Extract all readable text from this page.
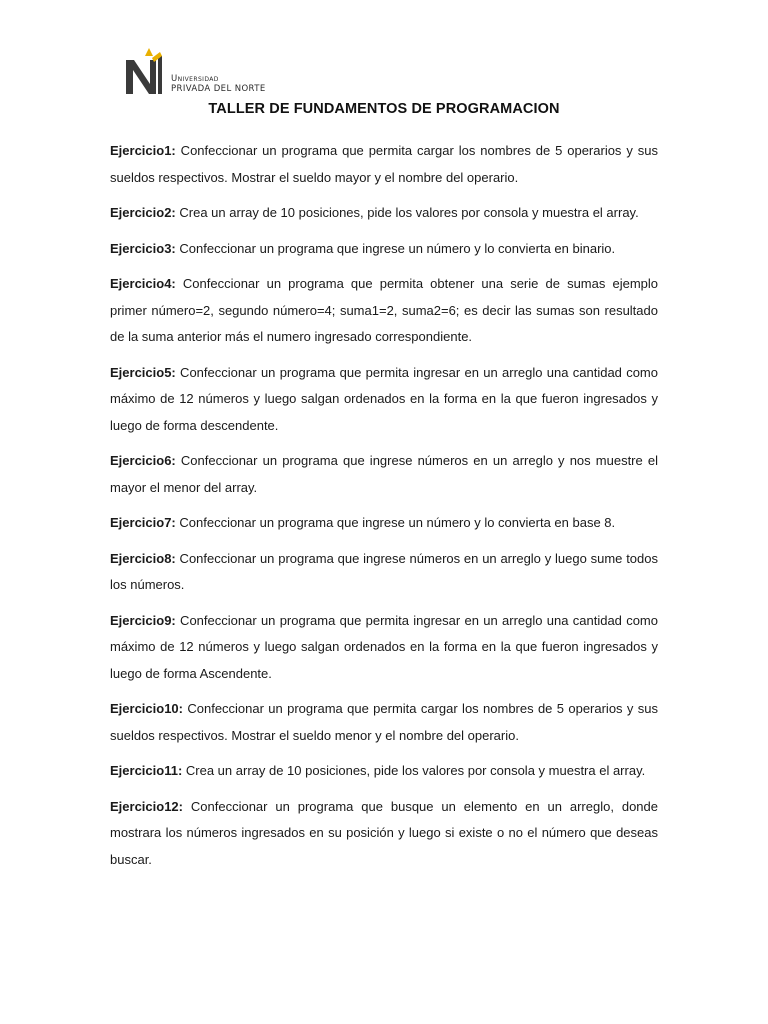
Universidad
PRIVADA DEL NORTE
TALLER DE FUNDAMENTOS DE PROGRAMACION

Ejercicio1: Confeccionar un programa que permita cargar los nombres de 5 operarios y sus sueldos respectivos. Mostrar el sueldo mayor y el nombre del operario.

Ejercicio2: Crea un array de 10 posiciones, pide los valores por consola y muestra el array.

Ejercicio3: Confeccionar un programa que ingrese un número y lo convierta en binario.

Ejercicio4: Confeccionar un programa que permita obtener una serie de sumas ejemplo primer número=2, segundo número=4; suma1=2, suma2=6; es decir las sumas son resultado de la suma anterior más el numero ingresado correspondiente.

Ejercicio5: Confeccionar un programa que permita ingresar en un arreglo una cantidad como máximo de 12 números y luego salgan ordenados en la forma en la que fueron ingresados y luego de forma descendente.

Ejercicio6: Confeccionar un programa que ingrese números en un arreglo y nos muestre el mayor el menor del array.

Ejercicio7: Confeccionar un programa que ingrese un número y lo convierta en base 8.

Ejercicio8: Confeccionar un programa que ingrese números en un arreglo y luego sume todos los números.

Ejercicio9: Confeccionar un programa que permita ingresar en un arreglo una cantidad como máximo de 12 números y luego salgan ordenados en la forma en la que fueron ingresados y luego de forma Ascendente.

Ejercicio10: Confeccionar un programa que permita cargar los nombres de 5 operarios y sus sueldos respectivos. Mostrar el sueldo menor y el nombre del operario.

Ejercicio11: Crea un array de 10 posiciones, pide los valores por consola y muestra el array.

Ejercicio12: Confeccionar un programa que busque un elemento en un arreglo, donde mostrara los números ingresados en su posición y luego si existe o no el número que deseas buscar.
